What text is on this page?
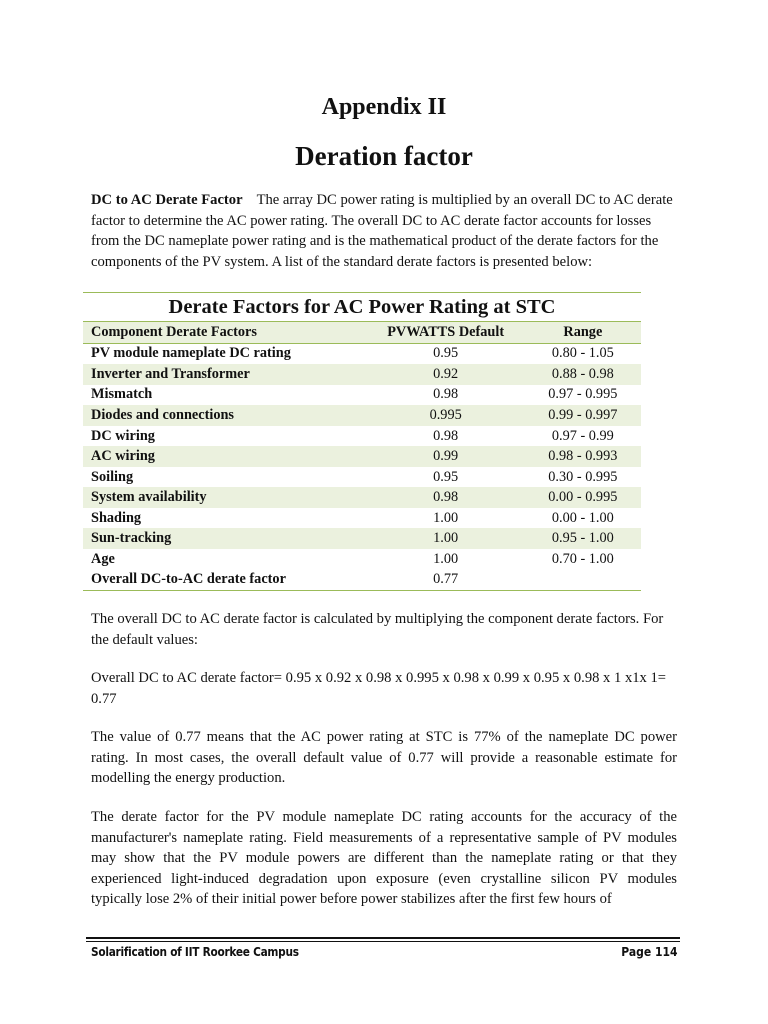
Appendix II
Deration factor

DC to AC Derate Factor The array DC power rating is multiplied by an overall DC to AC derate factor to determine the AC power rating. The overall DC to AC derate factor accounts for losses from the DC nameplate power rating and is the mathematical product of the derate factors for the components of the PV system. A list of the standard derate factors is presented below:

Derate Factors for AC Power Rating at STC
Component Derate Factors	PVWATTS Default	Range
PV module nameplate DC rating	0.95	0.80 - 1.05
Inverter and Transformer	0.92	0.88 - 0.98
Mismatch	0.98	0.97 - 0.995
Diodes and connections	0.995	0.99 - 0.997
DC wiring	0.98	0.97 - 0.99
AC wiring	0.99	0.98 - 0.993
Soiling	0.95	0.30 - 0.995
System availability	0.98	0.00 - 0.995
Shading	1.00	0.00 - 1.00
Sun-tracking	1.00	0.95 - 1.00
Age	1.00	0.70 - 1.00
Overall DC-to-AC derate factor	0.77	

The overall DC to AC derate factor is calculated by multiplying the component derate factors. For the default values:

Overall DC to AC derate factor= 0.95 x 0.92 x 0.98 x 0.995 x 0.98 x 0.99 x 0.95 x 0.98 x 1 x1x 1= 0.77

The value of 0.77 means that the AC power rating at STC is 77% of the nameplate DC power rating. In most cases, the overall default value of 0.77 will provide a reasonable estimate for modelling the energy production.

The derate factor for the PV module nameplate DC rating accounts for the accuracy of the manufacturer's nameplate rating. Field measurements of a representative sample of PV modules may show that the PV module powers are different than the nameplate rating or that they experienced light-induced degradation upon exposure (even crystalline silicon PV modules typically lose 2% of their initial power before power stabilizes after the first few hours of

Solarification of IIT Roorkee Campus	Page 114
